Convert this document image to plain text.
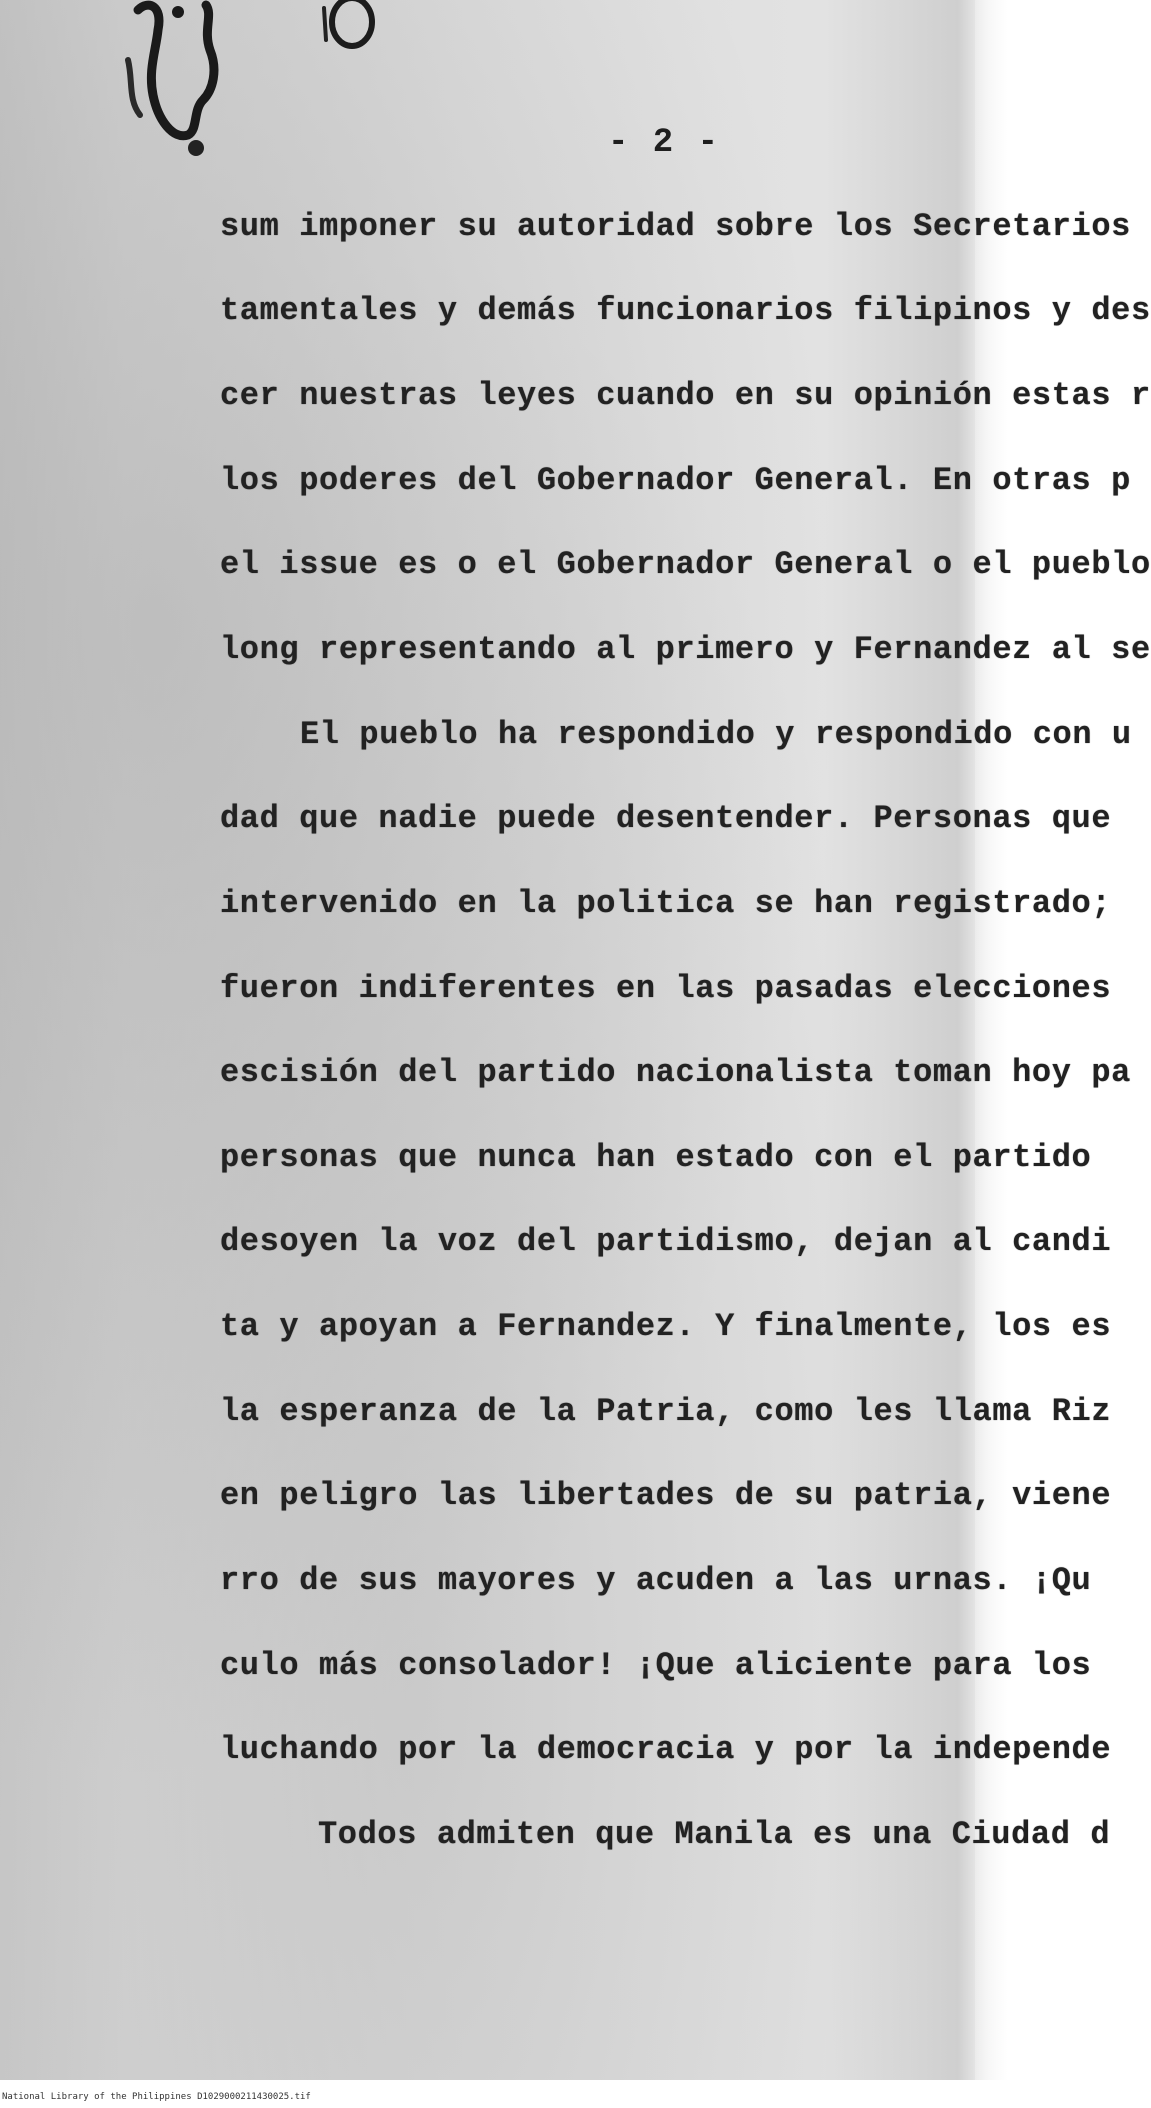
- 2 -
sum imponer su autoridad sobre los Secretarios
tamentales y demás funcionarios filipinos y des
cer nuestras leyes cuando en su opinión estas r
los poderes del Gobernador General. En otras p
el issue es o el Gobernador General o el pueblo
long representando al primero y Fernandez al se
El pueblo ha respondido y respondido con u
dad que nadie puede desentender. Personas que
intervenido en la politica se han registrado;
fueron indiferentes en las pasadas elecciones
escisión del partido nacionalista toman hoy pa
personas que nunca han estado con el partido
desoyen la voz del partidismo, dejan al candi
ta y apoyan a Fernandez. Y finalmente, los es
la esperanza de la Patria, como les llama Riz
en peligro las libertades de su patria, viene
rro de sus mayores y acuden a las urnas. ¡Qu
culo más consolador! ¡Que aliciente para los
luchando por la democracia y por la independe
Todos admiten que Manila es una Ciudad d
National Library of the Philippines D1029000211430025.tif
